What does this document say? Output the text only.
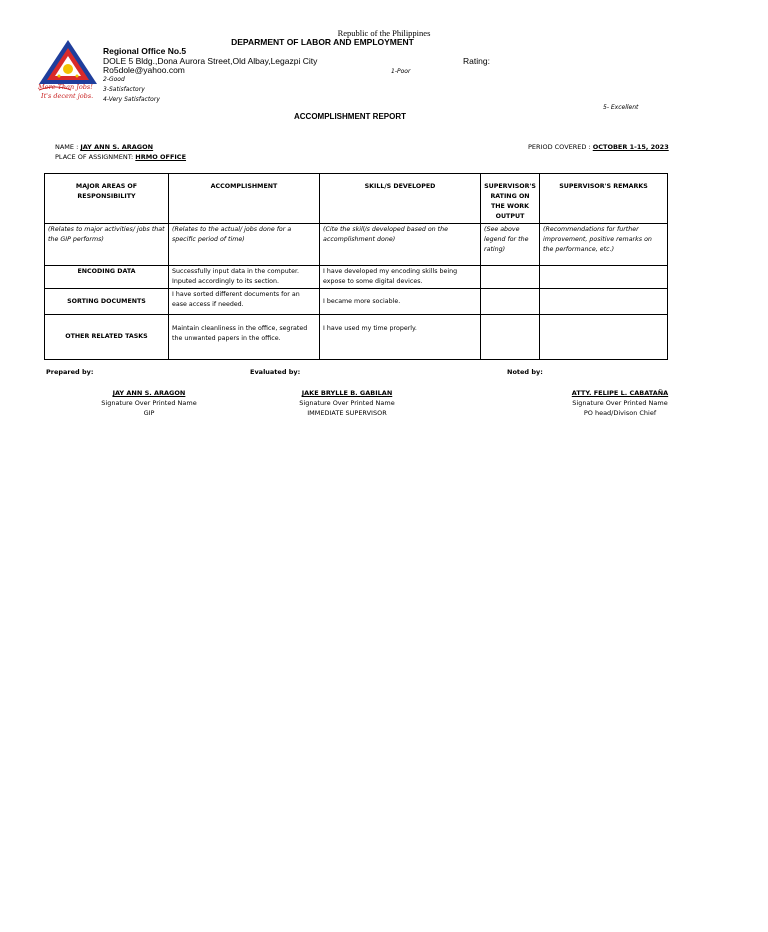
Republic of the Philippines
DEPARMENT OF LABOR AND EMPLOYMENT
More Than Jobs!
It's decent jobs.
Regional Office No.5
DOLE 5 Bldg.,Dona Aurora Street,Old Albay,Legazpi City
Ro5dole@yahoo.com
Rating:
1-Poor
2-Good
3-Satisfactory
4-Very Satisfactory
5- Excellent
ACCOMPLISHMENT REPORT
NAME : JAY ANN S. ARAGON
PLACE OF ASSIGNMENT: HRMO OFFICE
PERIOD COVERED : OCTOBER 1-15, 2023
MAJOR AREAS OF RESPONSIBILITY	ACCOMPLISHMENT	SKILL/S DEVELOPED	SUPERVISOR'S RATING ON THE WORK OUTPUT	SUPERVISOR'S REMARKS
(Relates to major activities/ jobs that the GIP performs)	(Relates to the actual/ jobs done for a specific period of time)	(Cite the skill/s developed based on the accomplishment done)	(See above legend for the rating)	(Recommendations for further improvement, positive remarks on the performance, etc.)
ENCODING DATA	Successfully input data in the computer. Inputed accordingly to its section.	I have developed my encoding skills being expose to some digital devices.		
SORTING DOCUMENTS	I have sorted different documents for an ease access if needed.	I became more sociable.		
OTHER RELATED TASKS	Maintain cleanliness in the office, segrated the unwanted papers in the office.	I have used my time properly.		
Prepared by:	Evaluated by:	Noted by:
JAY ANN S. ARAGON
Signature Over Printed Name
GIP
JAKE BRYLLE B. GABILAN
Signature Over Printed Name
IMMEDIATE SUPERVISOR
ATTY. FELIPE L. CABATAÑA
Signature Over Printed Name
PO head/Divison Chief
